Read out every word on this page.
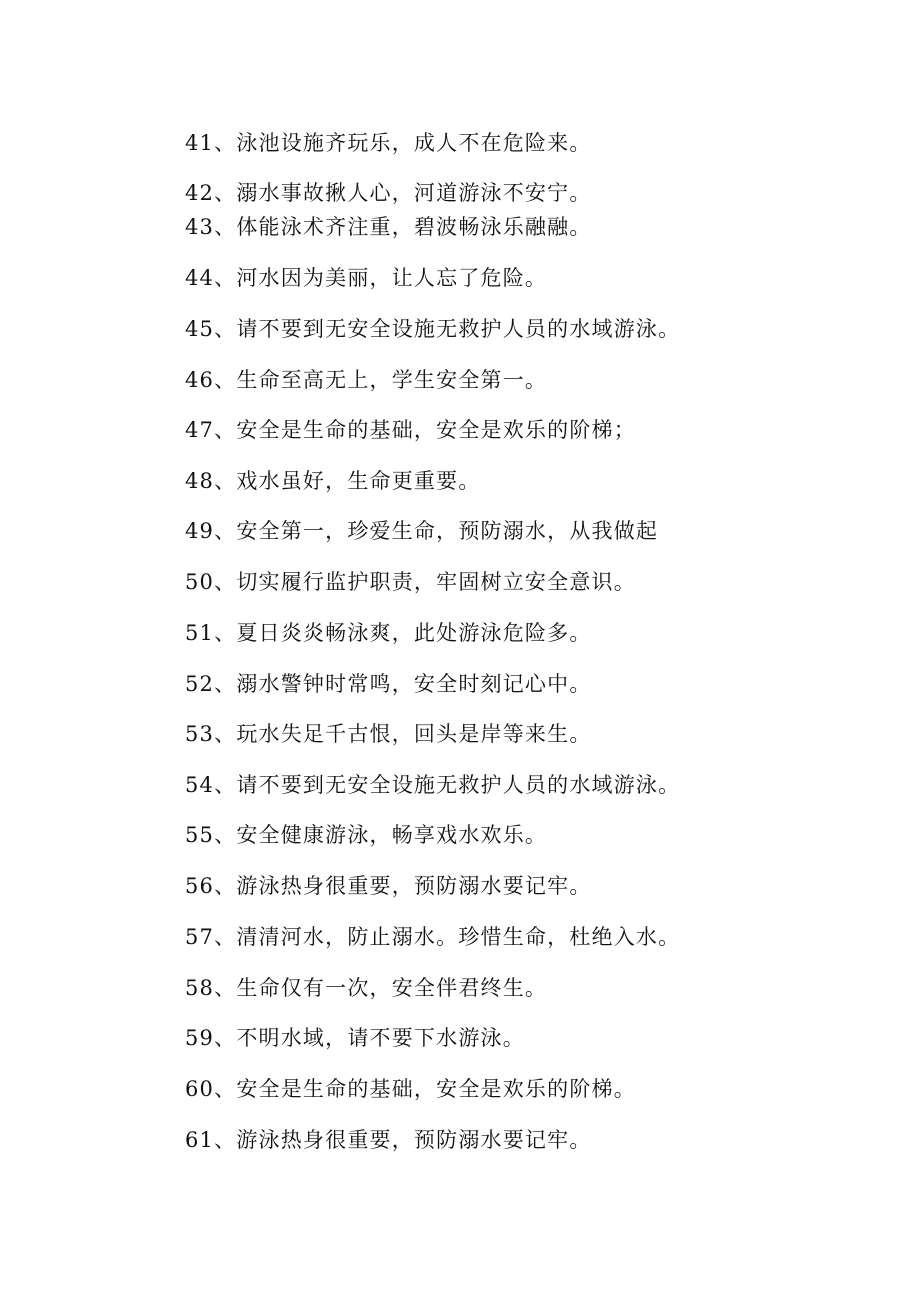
41、泳池设施齐玩乐，成人不在危险来。
42、溺水事故揪人心，河道游泳不安宁。
43、体能泳术齐注重，碧波畅泳乐融融。
44、河水因为美丽，让人忘了危险。
45、请不要到无安全设施无救护人员的水域游泳。
46、生命至高无上，学生安全第一。
47、安全是生命的基础，安全是欢乐的阶梯；
48、戏水虽好，生命更重要。
49、安全第一，珍爱生命，预防溺水，从我做起
50、切实履行监护职责，牢固树立安全意识。
51、夏日炎炎畅泳爽，此处游泳危险多。
52、溺水警钟时常鸣，安全时刻记心中。
53、玩水失足千古恨，回头是岸等来生。
54、请不要到无安全设施无救护人员的水域游泳。
55、安全健康游泳，畅享戏水欢乐。
56、游泳热身很重要，预防溺水要记牢。
57、清清河水，防止溺水。珍惜生命，杜绝入水。
58、生命仅有一次，安全伴君终生。
59、不明水域，请不要下水游泳。
60、安全是生命的基础，安全是欢乐的阶梯。
61、游泳热身很重要，预防溺水要记牢。
